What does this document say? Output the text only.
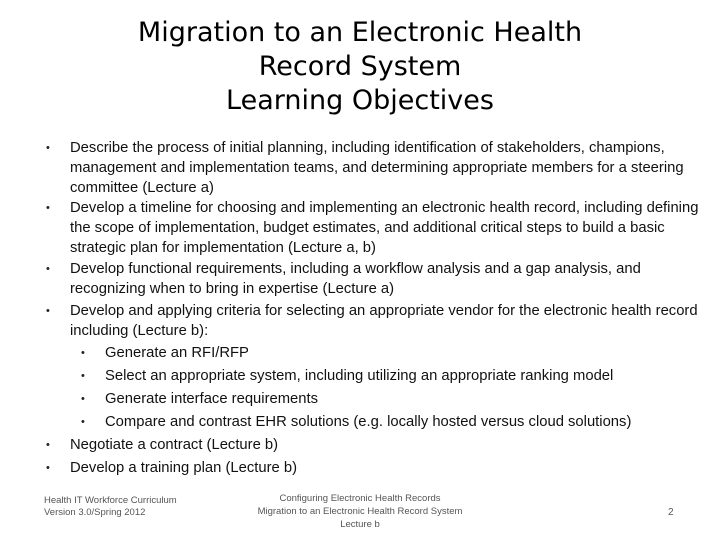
Migration to an Electronic Health
Record System
Learning Objectives
• Describe the process of initial planning, including identification of stakeholders, champions, management and implementation teams, and determining appropriate members for a steering committee (Lecture a)
• Develop a timeline for choosing and implementing an electronic health record, including defining the scope of implementation, budget estimates, and additional critical steps to build a basic strategic plan for implementation (Lecture a, b)
• Develop functional requirements, including a workflow analysis and a gap analysis, and recognizing when to bring in expertise (Lecture a)
• Develop and applying criteria for selecting an appropriate vendor for the electronic health record including (Lecture b):
• Generate an RFI/RFP
• Select an appropriate system, including utilizing an appropriate ranking model
• Generate interface requirements
• Compare and contrast EHR solutions (e.g. locally hosted versus cloud solutions)
• Negotiate a contract (Lecture b)
• Develop a training plan (Lecture b)
Health IT Workforce Curriculum
Version 3.0/Spring 2012
Configuring Electronic Health Records
Migration to an Electronic Health Record System
Lecture b
2
